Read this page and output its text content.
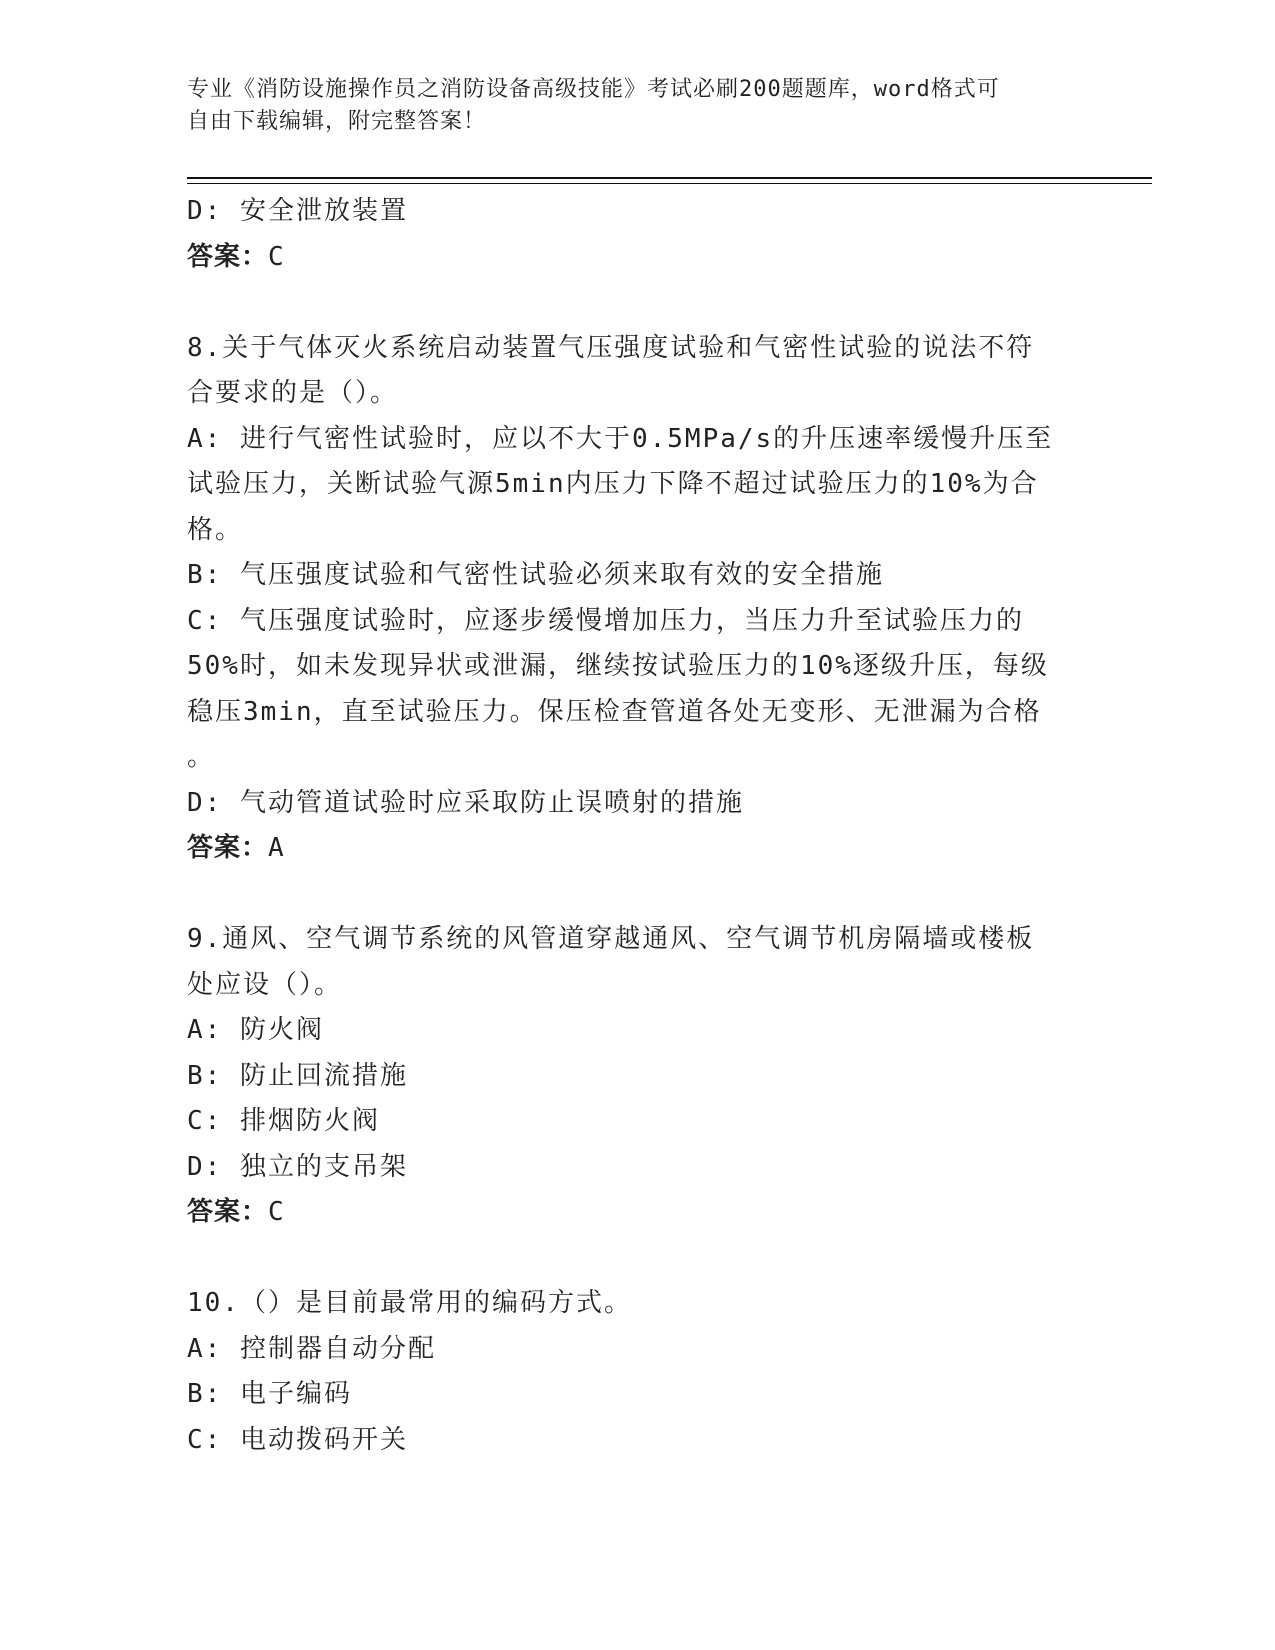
专业《消防设施操作员之消防设备高级技能》考试必刷200题题库，word格式可

自由下载编辑，附完整答案！

D: 安全泄放装置

答案：C

8.关于气体灭火系统启动装置气压强度试验和气密性试验的说法不符

合要求的是（）。

A: 进行气密性试验时，应以不大于0.5MPa/s的升压速率缓慢升压至

试验压力，关断试验气源5min内压力下降不超过试验压力的10%为合

格。

B: 气压强度试验和气密性试验必须来取有效的安全措施

C: 气压强度试验时，应逐步缓慢增加压力，当压力升至试验压力的

50%时，如未发现异状或泄漏，继续按试验压力的10%逐级升压，每级

稳压3min，直至试验压力。保压检查管道各处无变形、无泄漏为合格

。

D: 气动管道试验时应采取防止误喷射的措施

答案：A

9.通风、空气调节系统的风管道穿越通风、空气调节机房隔墙或楼板

处应设（）。

A: 防火阀

B: 防止回流措施

C: 排烟防火阀

D: 独立的支吊架

答案：C

10.（）是目前最常用的编码方式。

A: 控制器自动分配

B: 电子编码

C: 电动拨码开关
